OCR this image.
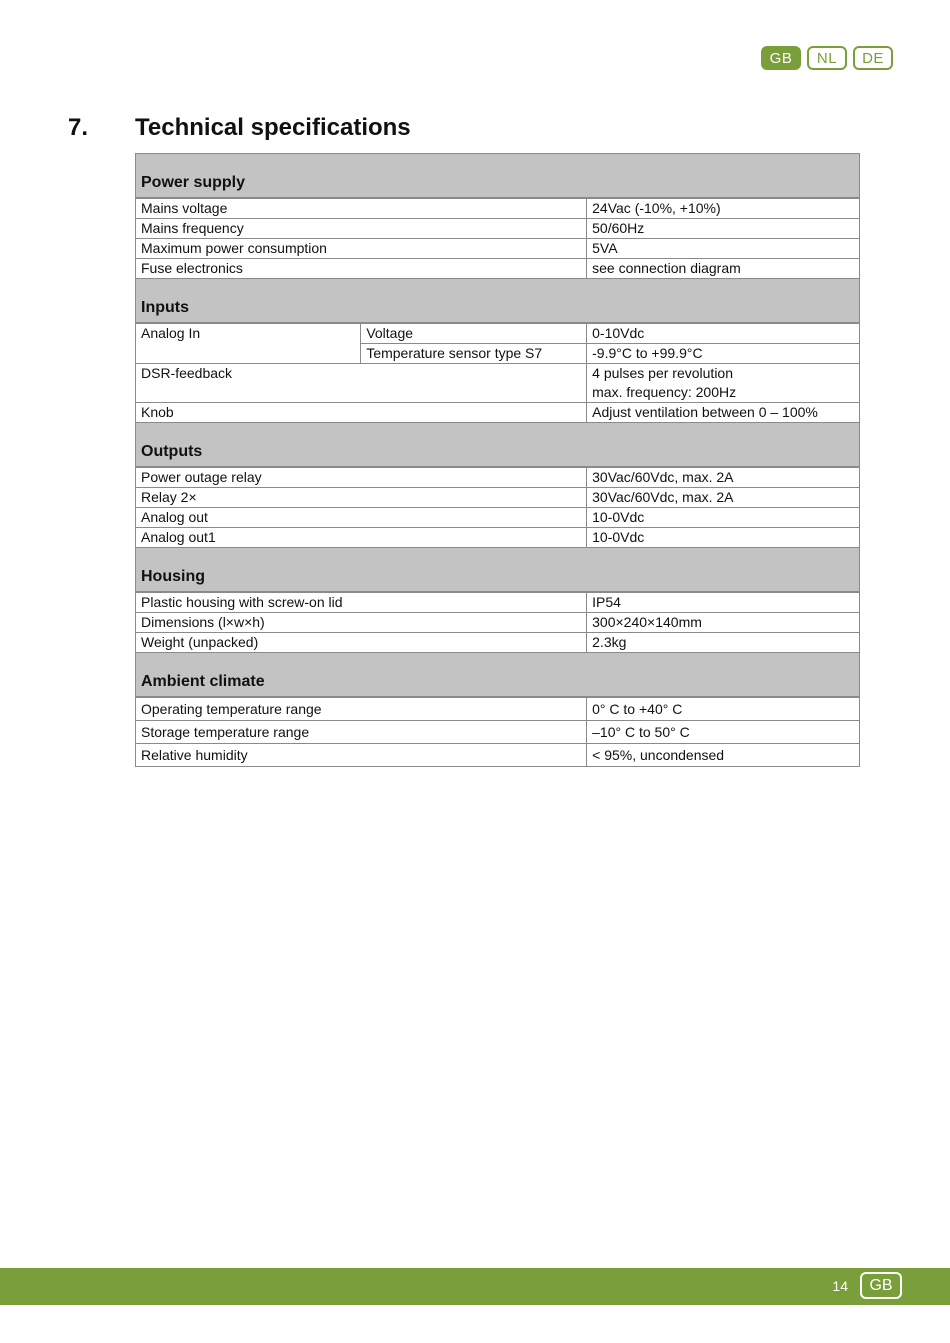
GB	NL	DE
7. Technical specifications
Power supply		
Mains voltage		24Vac (-10%, +10%)
Mains frequency		50/60Hz
Maximum power consumption		5VA
Fuse electronics		see connection diagram
Inputs		
Analog In	Voltage	0-10Vdc
	Temperature sensor type S7	-9.9°C to +99.9°C
DSR-feedback		4 pulses per revolution
max. frequency: 200Hz

Knob		Adjust ventilation between 0 – 100%
Outputs		
Power outage relay		30Vac/60Vdc, max. 2A
Relay 2×		30Vac/60Vdc, max. 2A
Analog out		10-0Vdc
Analog out1		10-0Vdc
Housing		
Plastic housing with screw-on lid		IP54
Dimensions (l×w×h)		300×240×140mm
Weight (unpacked)		2.3kg
Ambient climate		
Operating temperature range		0° C to +40° C
Storage temperature range		–10° C to 50° C
Relative humidity		< 95%, uncondensed
14	GB
